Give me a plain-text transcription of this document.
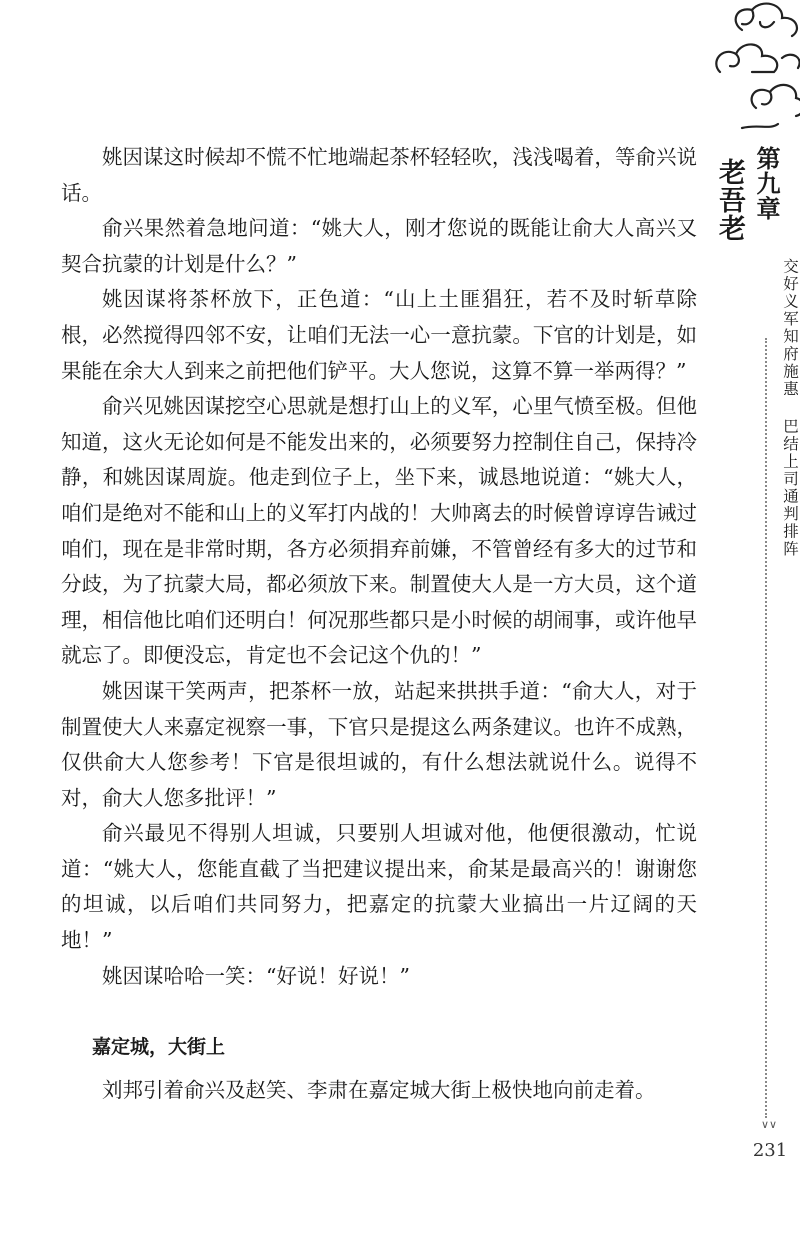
第九章
老吾老
交好义军知府施惠 巴结上司通判排阵

姚因谋这时候却不慌不忙地端起茶杯轻轻吹，浅浅喝着，等俞兴说话。

俞兴果然着急地问道：“姚大人，刚才您说的既能让俞大人高兴又契合抗蒙的计划是什么？”

姚因谋将茶杯放下，正色道：“山上土匪猖狂，若不及时斩草除根，必然搅得四邻不安，让咱们无法一心一意抗蒙。下官的计划是，如果能在余大人到来之前把他们铲平。大人您说，这算不算一举两得？”

俞兴见姚因谋挖空心思就是想打山上的义军，心里气愤至极。但他知道，这火无论如何是不能发出来的，必须要努力控制住自己，保持冷静，和姚因谋周旋。他走到位子上，坐下来，诚恳地说道：“姚大人，咱们是绝对不能和山上的义军打内战的！大帅离去的时候曾谆谆告诫过咱们，现在是非常时期，各方必须捐弃前嫌，不管曾经有多大的过节和分歧，为了抗蒙大局，都必须放下来。制置使大人是一方大员，这个道理，相信他比咱们还明白！何况那些都只是小时候的胡闹事，或许他早就忘了。即便没忘，肯定也不会记这个仇的！”

姚因谋干笑两声，把茶杯一放，站起来拱拱手道：“俞大人，对于制置使大人来嘉定视察一事，下官只是提这么两条建议。也许不成熟，仅供俞大人您参考！下官是很坦诚的，有什么想法就说什么。说得不对，俞大人您多批评！”

俞兴最见不得别人坦诚，只要别人坦诚对他，他便很激动，忙说道：“姚大人，您能直截了当把建议提出来，俞某是最高兴的！谢谢您的坦诚，以后咱们共同努力，把嘉定的抗蒙大业搞出一片辽阔的天地！”

姚因谋哈哈一笑：“好说！好说！”

嘉定城，大街上

刘邦引着俞兴及赵笑、李肃在嘉定城大街上极快地向前走着。

∨∨
231
